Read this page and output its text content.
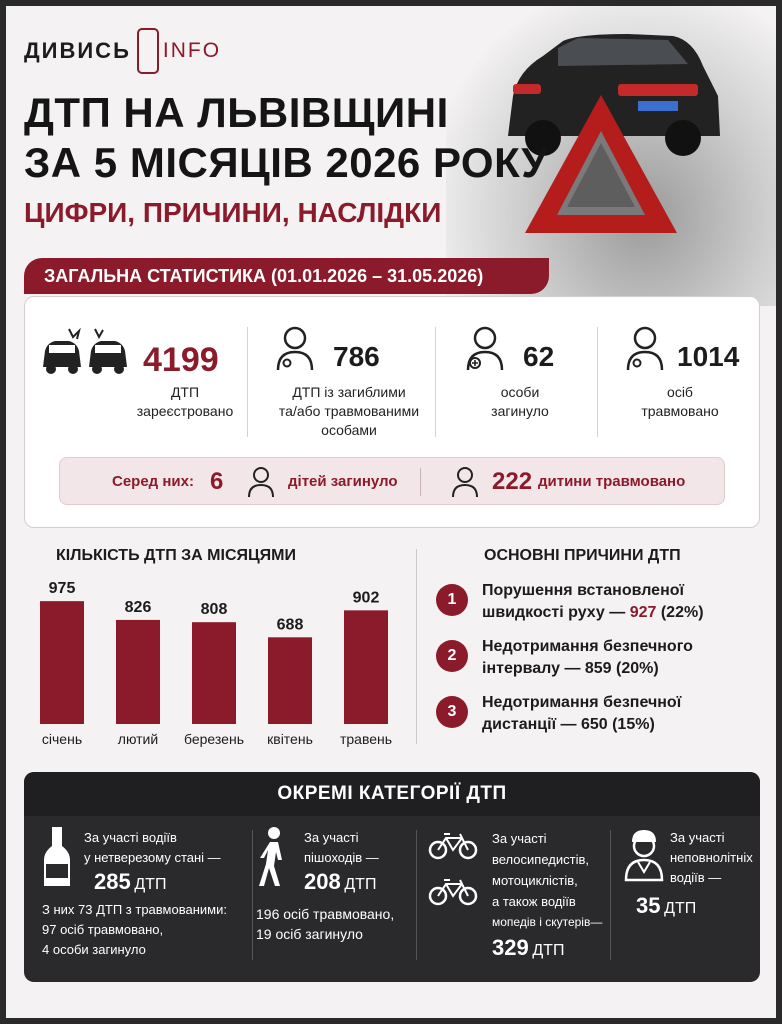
ДИВИСЬ INFO
ДТП НА ЛЬВІВЩИНІ
ЗА 5 МІСЯЦІВ 2026 РОКУ
ЦИФРИ, ПРИЧИНИ, НАСЛІДКИ
ЗАГАЛЬНА СТАТИСТИКА (01.01.2026 – 31.05.2026)
4199
ДТП
зареєстровано
786
ДТП із загиблими
та/або травмованими
особами
62
особи
загинуло
1014
осіб
травмовано
Серед них: 6	дітей загинуло	222 дитини травмовано
КІЛЬКІСТЬ ДТП ЗА МІСЯЦЯМИ
975
січень
826
лютий
808
березень
688
квітень
902
травень
ОСНОВНІ ПРИЧИНИ ДТП
1
Порушення встановленої
швидкості руху — 927 (22%)
2
Недотримання безпечного
інтервалу — 859 (20%)
3
Недотримання безпечної
дистанції — 650 (15%)
ОКРЕМІ КАТЕГОРІЇ ДТП
За участі водіїв
у нетверезому стані —
285 ДТП
З них 73 ДТП з травмованими:
97 осіб травмовано,
4 особи загинуло
За участі
пішоходів —
208 ДТП
196 осіб травмовано,
19 осіб загинуло
За участі
велосипедистів,
мотоциклістів,
а також водіїв
мопедів і скутерів—
329 ДТП
За участі
неповнолітніх
водіїв —
35 ДТП
